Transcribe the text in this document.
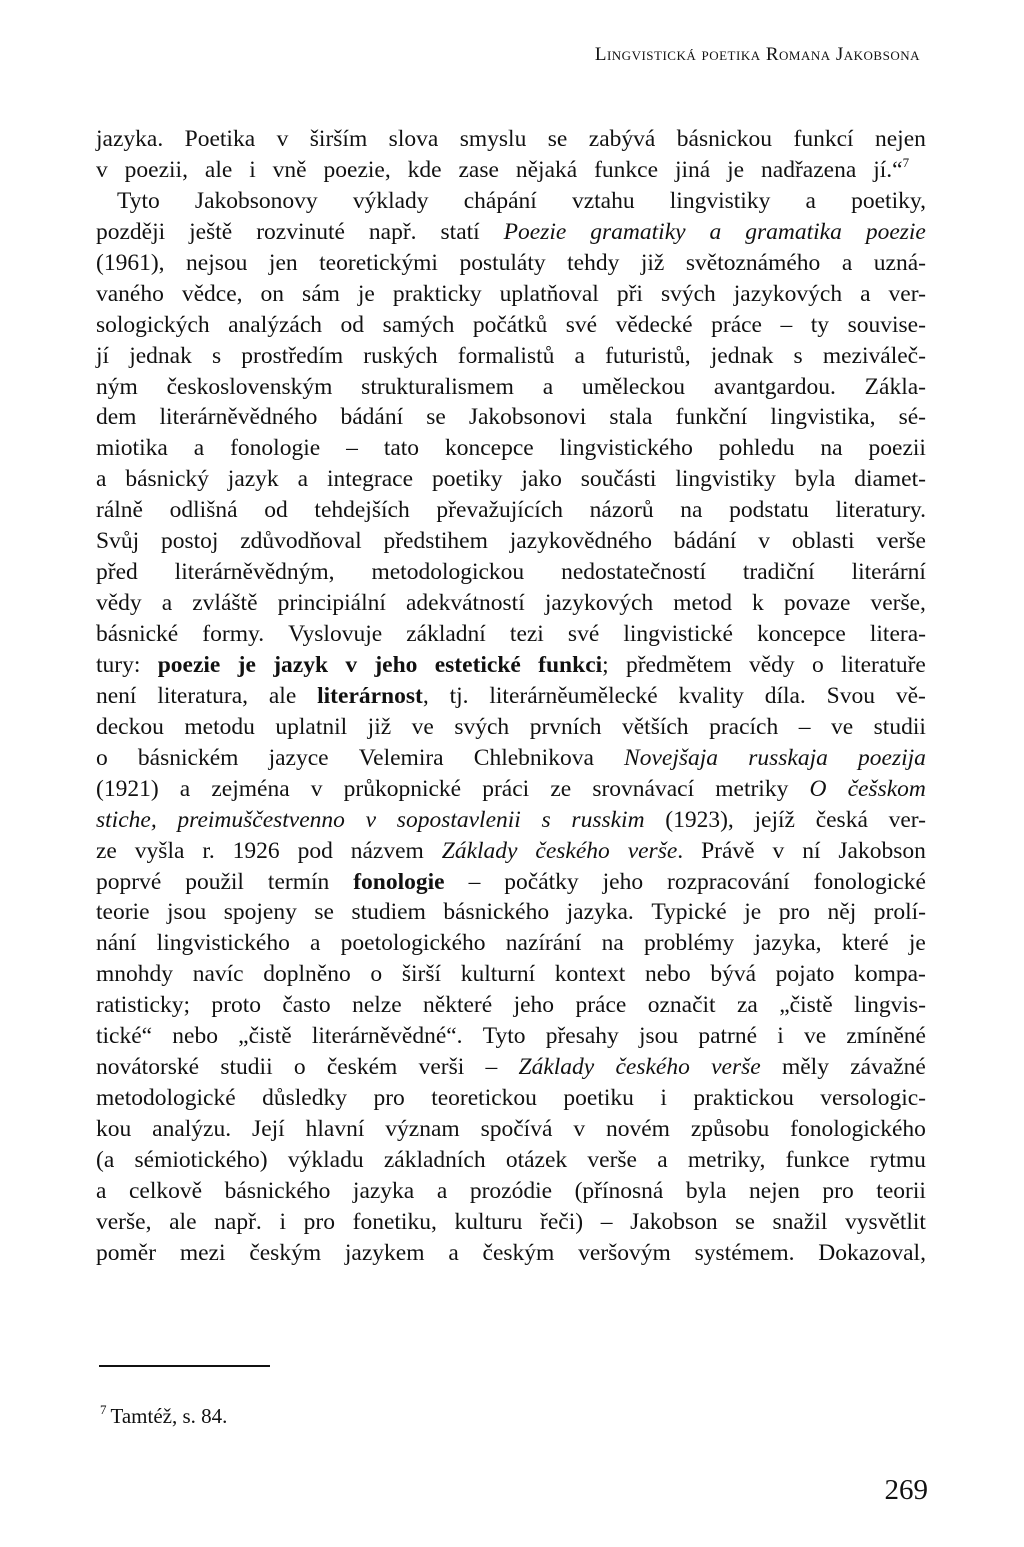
Lingvistická poetika Romana Jakobsona
jazyka. Poetika v širším slova smyslu se zabývá básnickou funkcí nejen
v poezii, ale i vně poezie, kde zase nějaká funkce jiná je nadřazena jí.“$^7$
Tyto Jakobsonovy výklady chápání vztahu lingvistiky a poetiky,
později ještě rozvinuté např. statí Poezie gramatiky a gramatika poezie
(1961), nejsou jen teoretickými postuláty tehdy již světoznámého a uzná-
vaného vědce, on sám je prakticky uplatňoval při svých jazykových a ver-
sologických analýzách od samých počátků své vědecké práce – ty souvise-
jí jednak s prostředím ruských formalistů a futuristů, jednak s meziváleč-
ným československým strukturalismem a uměleckou avantgardou. Zákla-
dem literárněvědného bádání se Jakobsonovi stala funkční lingvistika, sé-
miotika a fonologie – tato koncepce lingvistického pohledu na poezii
a básnický jazyk a integrace poetiky jako součásti lingvistiky byla diamet-
rálně odlišná od tehdejších převažujících názorů na podstatu literatury.
Svůj postoj zdůvodňoval předstihem jazykovědného bádání v oblasti verše
před literárněvědným, metodologickou nedostatečností tradiční literární
vědy a zvláště principiální adekvátností jazykových metod k povaze verše,
básnické formy. Vyslovuje základní tezi své lingvistické koncepce litera-
tury: poezie je jazyk v jeho estetické funkci; předmětem vědy o literatuře
není literatura, ale literárnost, tj. literárněumělecké kvality díla. Svou vě-
deckou metodu uplatnil již ve svých prvních větších pracích – ve studii
o básnickém jazyce Velemira Chlebnikova Novejšaja russkaja poezija
(1921) a zejména v průkopnické práci ze srovnávací metriky O češskom
stiche, preimuščestvenno v sopostavlenii s russkim (1923), jejíž česká ver-
ze vyšla r. 1926 pod názvem Základy českého verše. Právě v ní Jakobson
poprvé použil termín fonologie – počátky jeho rozpracování fonologické
teorie jsou spojeny se studiem básnického jazyka. Typické je pro něj prolí-
nání lingvistického a poetologického nazírání na problémy jazyka, které je
mnohdy navíc doplněno o širší kulturní kontext nebo bývá pojato kompa-
ratisticky; proto často nelze některé jeho práce označit za „čistě lingvis-
tické“ nebo „čistě literárněvědné“. Tyto přesahy jsou patrné i ve zmíněné
novátorské studii o českém verši – Základy českého verše měly závažné
metodologické důsledky pro teoretickou poetiku i praktickou versologic-
kou analýzu. Její hlavní význam spočívá v novém způsobu fonologického
(a sémiotického) výkladu základních otázek verše a metriky, funkce rytmu
a celkově básnického jazyka a prozódie (přínosná byla nejen pro teorii
verše, ale např. i pro fonetiku, kulturu řeči) – Jakobson se snažil vysvětlit
poměr mezi českým jazykem a českým veršovým systémem. Dokazoval,
$^7$ Tamtéž, s. 84.
269
